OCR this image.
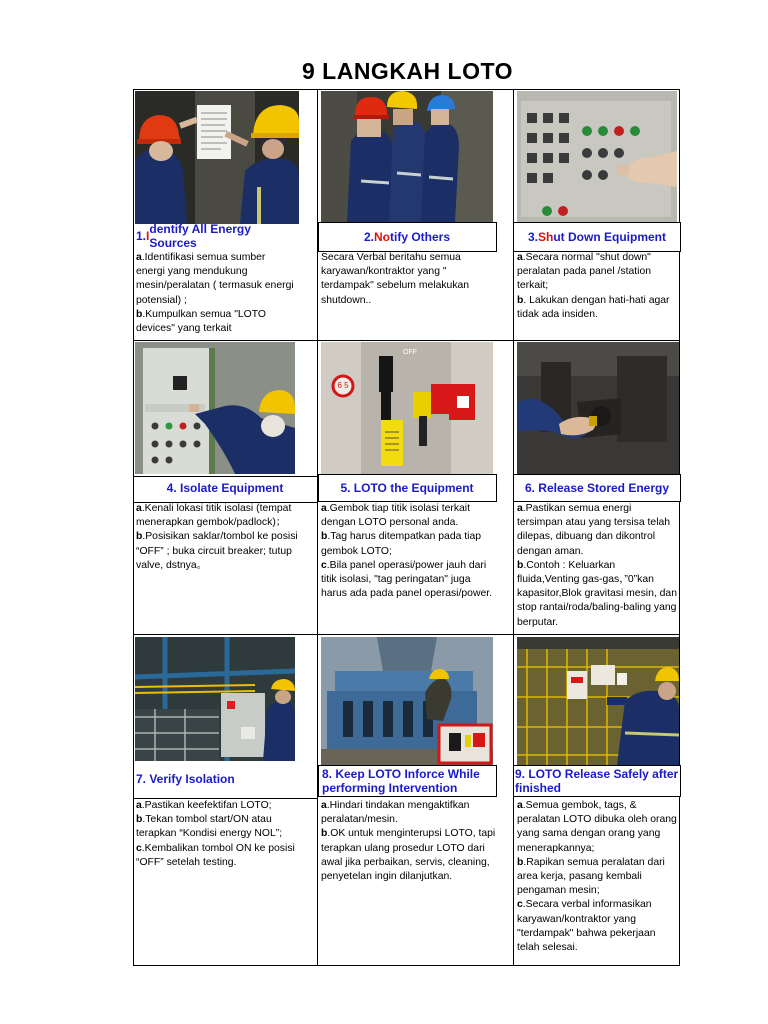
9 LANGKAH LOTO
1. I dentify All Energy Sources

a.Identifikasi semua sumber energi yang mendukung mesin/peralatan ( termasuk energi potensial) ;

b.Kumpulkan semua "LOTO devices" yang terkait

2. No tify Others

Secara Verbal beritahu semua karyawan/kontraktor yang " terdampak" sebelum melakukan shutdown..

3. Sh ut Down Equipment

a.Secara normal "shut down" peralatan pada panel /station terkait;

b. Lakukan dengan hati-hati agar tidak ada insiden.

4. Isolate Equipment

a.Kenali lokasi titik isolasi (tempat menerapkan gembok/padlock)；

b.Posisikan saklar/tombol ke posisi “OFF” ; buka circuit breaker; tutup valve, dstnya。

6 5
OFF
5. LOTO the Equipment

a.Gembok tiap titik isolasi terkait dengan LOTO personal anda.

b.Tag harus ditempatkan pada tiap gembok LOTO;

c.Bila panel operasi/power jauh dari titik isolasi, "tag peringatan" juga harus ada pada panel operasi/power.

6. Release Stored Energy

a.Pastikan semua energi tersimpan atau yang tersisa telah dilepas, dibuang dan dikontrol dengan aman.

b.Contoh : Keluarkan fluida,Venting gas-gas，”0”kan kapasitor,Blok gravitasi mesin, dan stop rantai/roda/baling-baling yang berputar.

7. Verify Isolation

a.Pastikan keefektifan LOTO;

b.Tekan tombol start/ON atau terapkan “Kondisi energy NOL”;

c.Kembalikan tombol ON ke posisi “OFF” setelah testing.

8. Keep LOTO Inforce While performing Intervention

a.Hindari tindakan mengaktifkan peralatan/mesin.

b.OK untuk menginterupsi LOTO, tapi terapkan ulang prosedur LOTO dari awal jika perbaikan, servis, cleaning, penyetelan ingin dilanjutkan.

9. LOTO Release Safely after finished

a.Semua gembok, tags, & peralatan LOTO dibuka oleh orang yang sama dengan orang yang menerapkannya;

b.Rapikan semua peralatan dari area kerja, pasang kembali pengaman mesin;

c.Secara verbal informasikan karyawan/kontraktor yang "terdampak" bahwa pekerjaan telah selesai.
